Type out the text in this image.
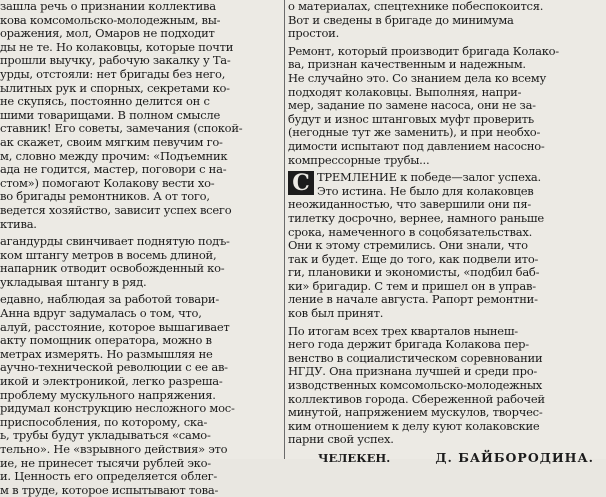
зашла речь о признании коллектива
кова комсомольско-молодежным, вы-
оражения, мол, Омаров не подходит
ды не те. Но колаковцы, которые почти
прошли выучку, рабочую закалку у Та-
урды, отстояли: нет бригады без него,
ылитных рук и спорных, секретами ко-
не скупясь, постоянно делится он с
шими товарищами. В полном смысле
ставник! Его советы, замечания (спокой-
ак скажет, своим мягким певучим го-
м, словно между прочим: «Подъемник
ада не годится, мастер, поговори с на-
стом») помогают Колакову вести хо-
во бригады ремонтников. А от того,
ведется хозяйство, зависит успех всего
ктива.
агандурды свинчивает поднятую подъ-
ком штангу метров в восемь длиной,
напарник отводит освобожденный ко-
укладывая штангу в ряд.
едавно, наблюдая за работой товари-
Анна вдруг задумалась о том, что,
алуй, расстояние, которое вышагивает
акту помощник оператора, можно в
метрах измерять. Но размышляя не
аучно-технической революции с ее ав-
икой и электроникой, легко разреша-
проблему мускульного напряжения.
ридумал конструкцию несложного мос-
приспособления, по которому, ска-
ь, трубы будут укладываться «само-
тельно». Не «взрывного действия» это
ие, не принесет тысячи рублей эко-
и. Ценность его определяется облег-
м в труде, которое испытывают това-
о материалах, спецтехнике побеспокоится.
Вот и сведены в бригаде до минимума
простои.
Ремонт, который производит бригада Колако-
ва, признан качественным и надежным.
Не случайно это. Со знанием дела ко всему
подходят колаковцы. Выполняя, напри-
мер, задание по замене насоса, они не за-
будут и износ штанговых муфт проверить
(негодные тут же заменить), и при необхо-
димости испытают под давлением насосно-
компрессорные трубы...
С ТРЕМЛЕНИЕ к победе—залог успеха.
Это истина. Не было для колаковцев
неожиданностью, что завершили они пя-
тилетку досрочно, вернее, намного раньше
срока, намеченного в соцобязательствах.
Они к этому стремились. Они знали, что
так и будет. Еще до того, как подвели ито-
ги, плановики и экономисты, «подбил баб-
ки» бригадир. С тем и пришел он в управ-
ление в начале августа. Рапорт ремонтни-
ков был принят.
По итогам всех трех кварталов нынеш-
него года держит бригада Колакова пер-
венство в социалистическом соревновании
НГДУ. Она признана лучшей и среди про-
изводственных комсомольско-молодежных
коллективов города. Сбереженной рабочей
минутой, напряжением мускулов, творчес-
ким отношением к делу куют колаковские
парни свой успех.
ЧЕЛЕКЕН.	Д. БАЙБОРОДИНА.
